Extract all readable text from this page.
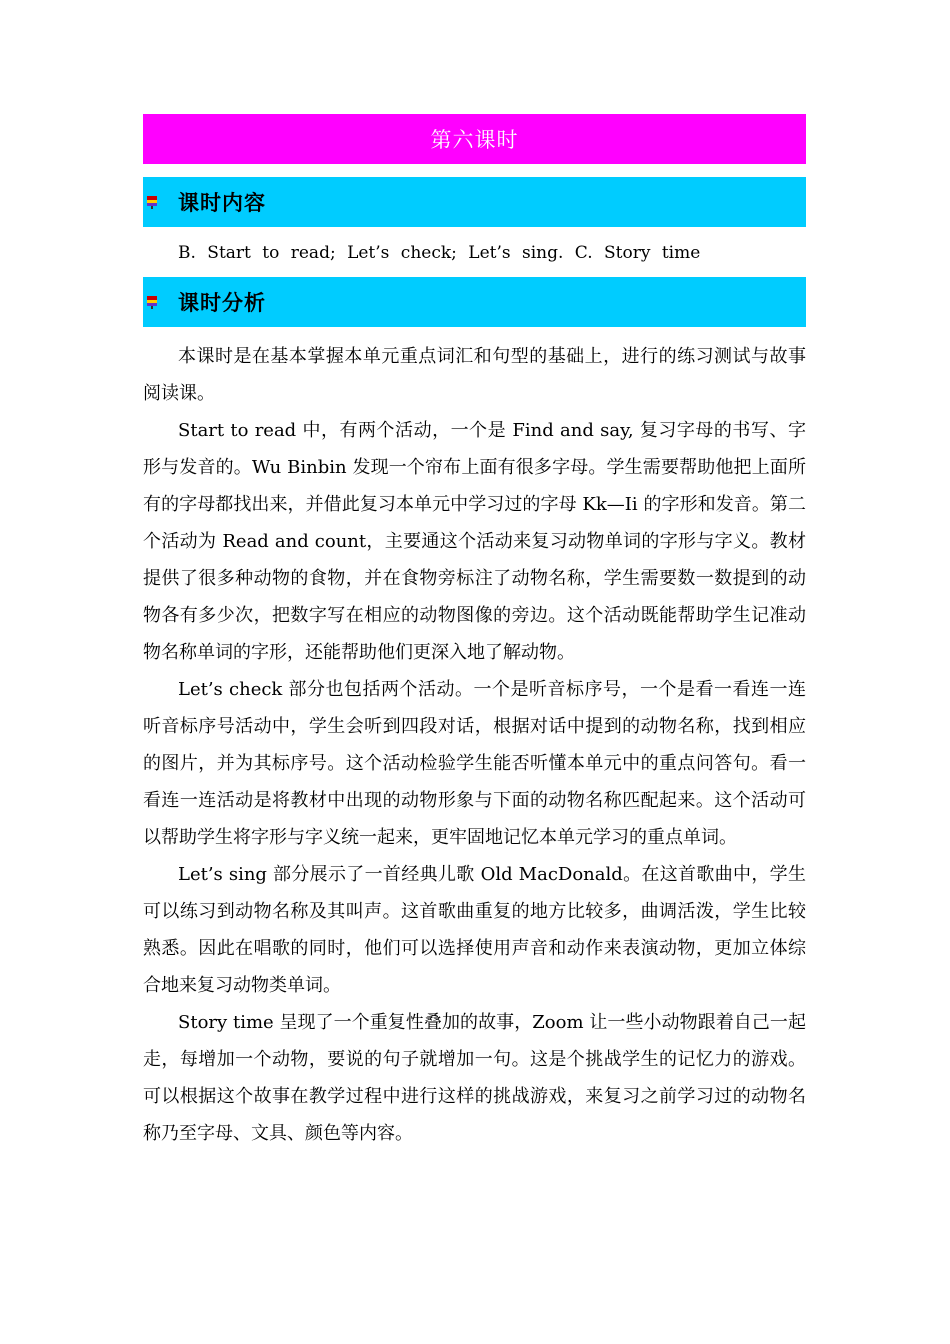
第六课时
课时内容
B. Start to read; Let’s check; Let’s sing. C. Story time
课时分析

本课时是在基本掌握本单元重点词汇和句型的基础上，进行的练习测试与故事阅读课。

Start to read 中，有两个活动，一个是 Find and say, 复习字母的书写、字形与发音的。Wu Binbin 发现一个帘布上面有很多字母。学生需要帮助他把上面所有的字母都找出来，并借此复习本单元中学习过的字母 Kk—Ii 的字形和发音。第二个活动为 Read and count，主要通这个活动来复习动物单词的字形与字义。教材提供了很多种动物的食物，并在食物旁标注了动物名称，学生需要数一数提到的动物各有多少次，把数字写在相应的动物图像的旁边。这个活动既能帮助学生记准动物名称单词的字形，还能帮助他们更深入地了解动物。

Let’s check 部分也包括两个活动。一个是听音标序号，一个是看一看连一连听音标序号活动中，学生会听到四段对话，根据对话中提到的动物名称，找到相应的图片，并为其标序号。这个活动检验学生能否听懂本单元中的重点问答句。看一看连一连活动是将教材中出现的动物形象与下面的动物名称匹配起来。这个活动可以帮助学生将字形与字义统一起来，更牢固地记忆本单元学习的重点单词。

Let’s sing 部分展示了一首经典儿歌 Old MacDonald。在这首歌曲中，学生可以练习到动物名称及其叫声。这首歌曲重复的地方比较多，曲调活泼，学生比较熟悉。因此在唱歌的同时，他们可以选择使用声音和动作来表演动物，更加立体综合地来复习动物类单词。

Story time 呈现了一个重复性叠加的故事，Zoom 让一些小动物跟着自己一起走，每增加一个动物，要说的句子就增加一句。这是个挑战学生的记忆力的游戏。可以根据这个故事在教学过程中进行这样的挑战游戏，来复习之前学习过的动物名称乃至字母、文具、颜色等内容。
